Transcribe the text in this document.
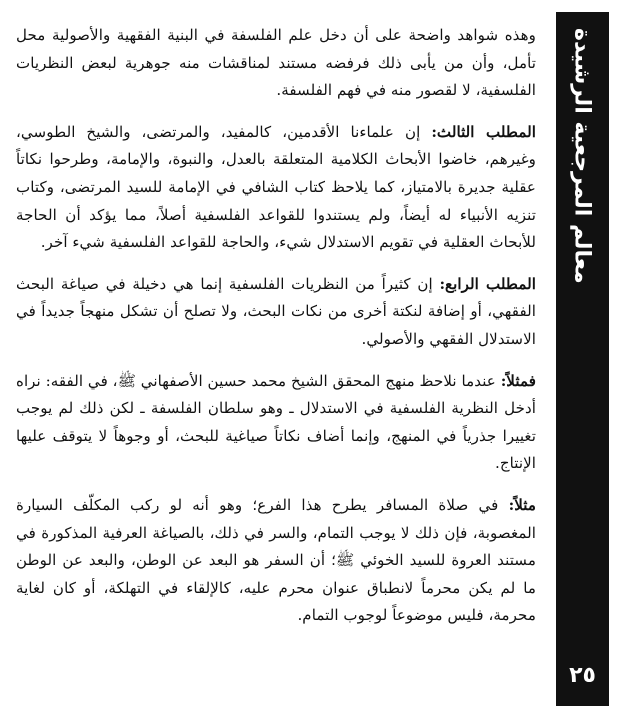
وهذه شواهد واضحة على أن دخل علم الفلسفة في البنية الفقهية والأصولية محل تأمل، وأن من يأبى ذلك فرفضه مستند لمناقشات منه جوهرية لبعض النظريات الفلسفية، لا لقصور منه في فهم الفلسفة.

المطلب الثالث: إن علماءنا الأقدمين، كالمفيد، والمرتضى، والشيخ الطوسي، وغيرهم، خاضوا الأبحاث الكلامية المتعلقة بالعدل، والنبوة، والإمامة، وطرحوا نكاتاً عقلية جديرة بالامتياز، كما يلاحظ كتاب الشافي في الإمامة للسيد المرتضى، وكتاب تنزيه الأنبياء له أيضاً، ولم يستندوا للقواعد الفلسفية أصلاً، مما يؤكد أن الحاجة للأبحاث العقلية في تقويم الاستدلال شيء، والحاجة للقواعد الفلسفية شيء آخر.

المطلب الرابع: إن كثيراً من النظريات الفلسفية إنما هي دخيلة في صياغة البحث الفقهي، أو إضافة لنكتة أخرى من نكات البحث، ولا تصلح أن تشكل منهجاً جديداً في الاستدلال الفقهي والأصولي.

فمثلاً: عندما نلاحظ منهج المحقق الشيخ محمد حسين الأصفهاني ﷺ، في الفقه: نراه أدخل النظرية الفلسفية في الاستدلال ـ وهو سلطان الفلسفة ـ لكن ذلك لم يوجب تغييرا جذرياً في المنهج، وإنما أضاف نكاتاً صياغية للبحث، أو وجوهاً لا يتوقف عليها الإنتاج.

مثلاً: في صلاة المسافر يطرح هذا الفرع؛ وهو أنه لو ركب المكلّف السيارة المغصوبة، فإن ذلك لا يوجب التمام، والسر في ذلك، بالصياغة العرفية المذكورة في مستند العروة للسيد الخوئي ﷺ؛ أن السفر هو البعد عن الوطن، والبعد عن الوطن ما لم يكن محرماً لانطباق عنوان محرم عليه، كالإلقاء في التهلكة، أو كان لغاية محرمة، فليس موضوعاً لوجوب التمام.

معالم المرجعية الرشيدة
٢٥
